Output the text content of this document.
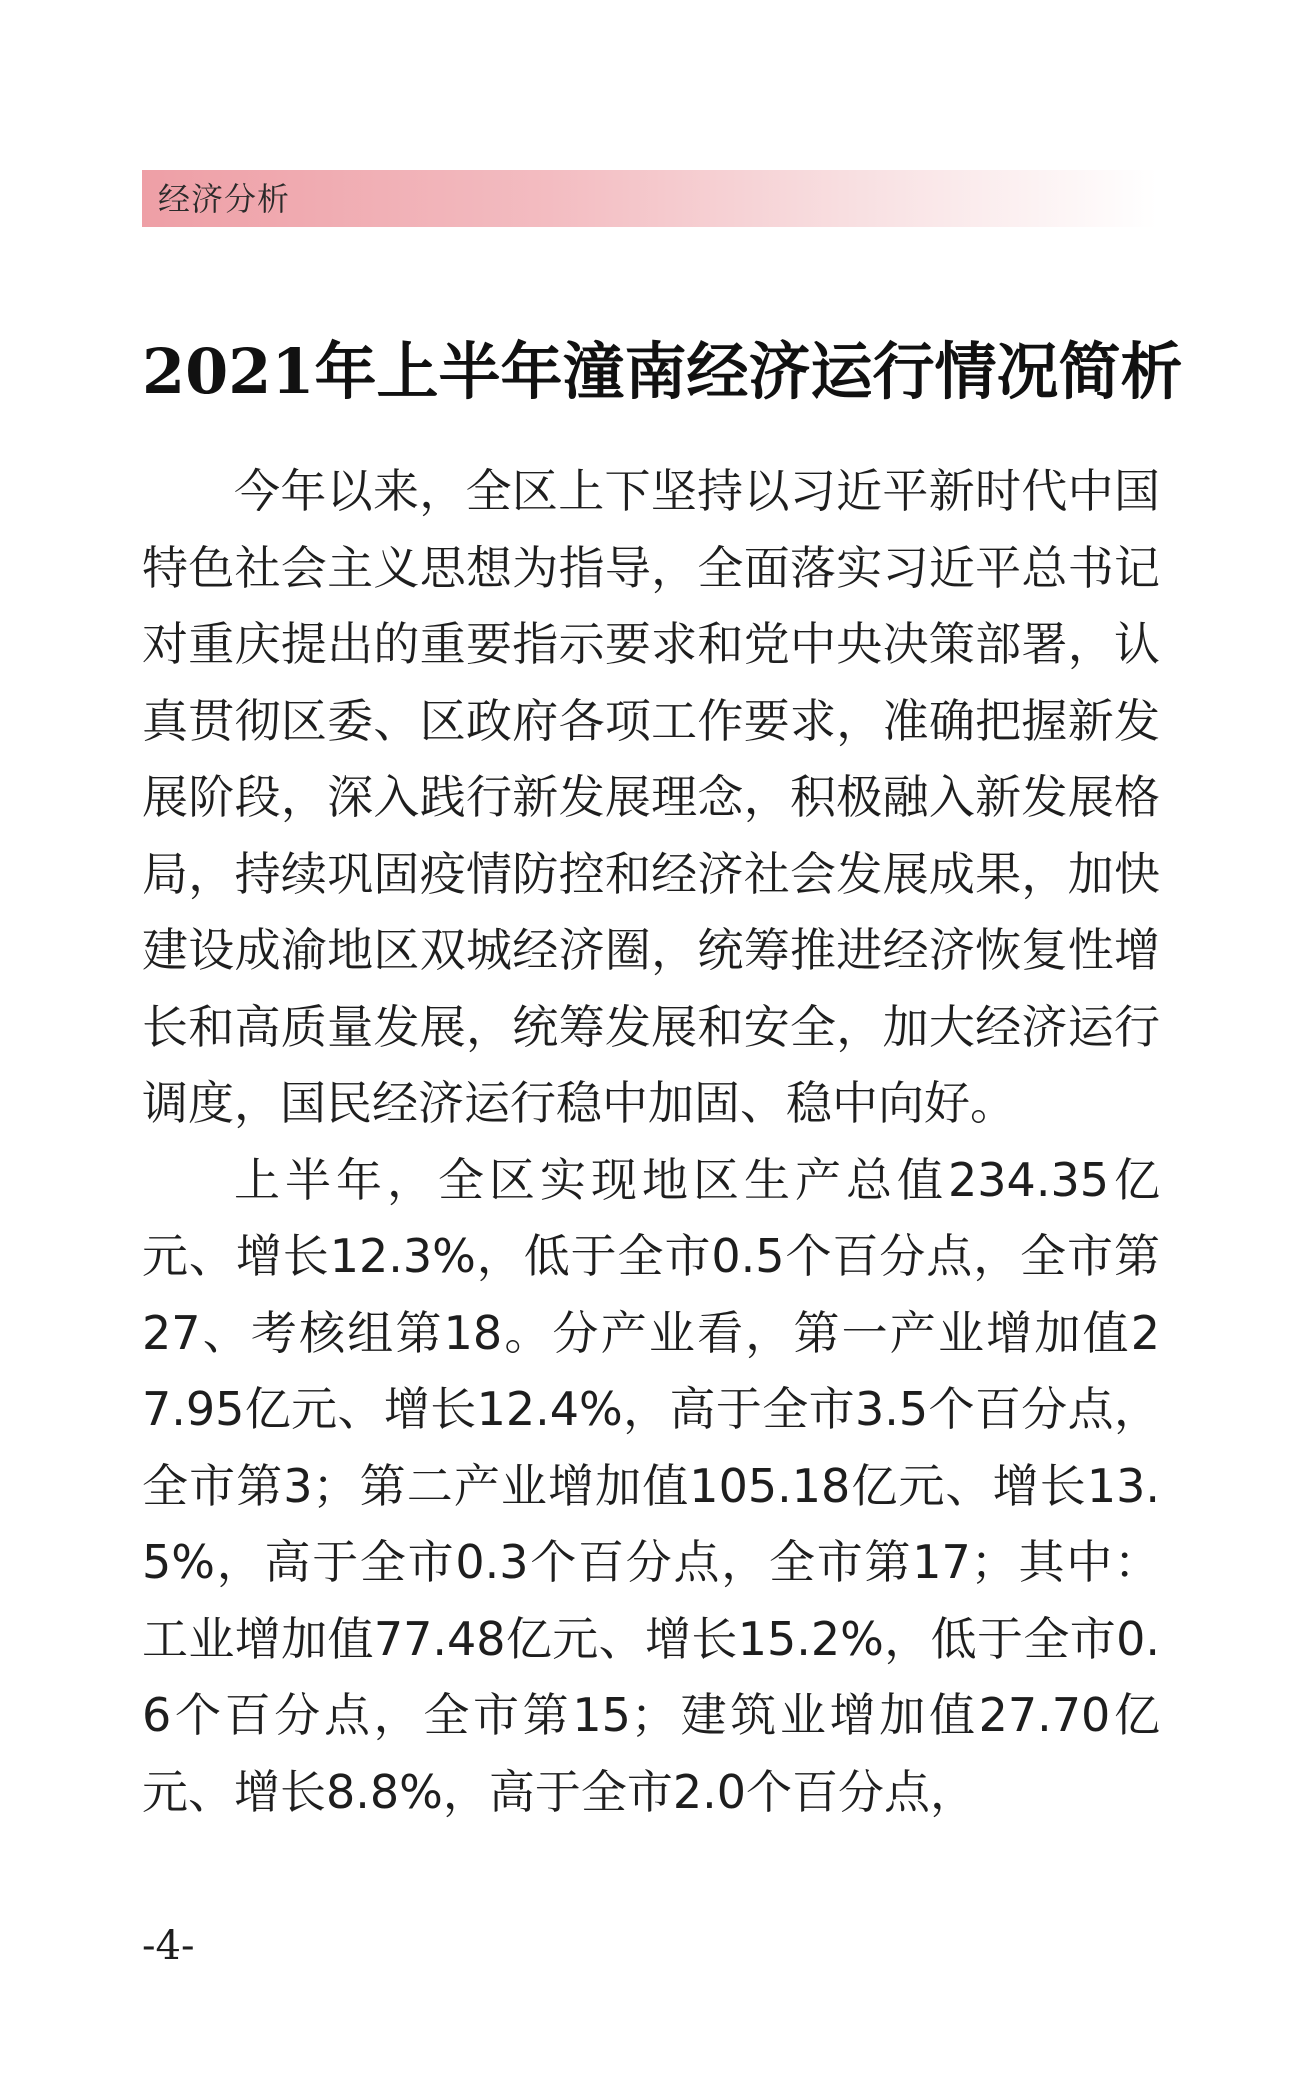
经济分析
2021年上半年潼南经济运行情况简析

今年以来，全区上下坚持以习近平新时代中国特色社会主义思想为指导，全面落实习近平总书记对重庆提出的重要指示要求和党中央决策部署，认真贯彻区委、区政府各项工作要求，准确把握新发展阶段，深入践行新发展理念，积极融入新发展格局，持续巩固疫情防控和经济社会发展成果，加快建设成渝地区双城经济圈，统筹推进经济恢复性增长和高质量发展，统筹发展和安全，加大经济运行调度，国民经济运行稳中加固、稳中向好。

上半年，全区实现地区生产总值234.35亿元、增长12.3%，低于全市0.5个百分点，全市第27、考核组第18。分产业看，第一产业增加值27.95亿元、增长12.4%，高于全市3.5个百分点，全市第3；第二产业增加值105.18亿元、增长13.5%，高于全市0.3个百分点，全市第17；其中：工业增加值77.48亿元、增长15.2%，低于全市0.6个百分点，全市第15；建筑业增加值27.70亿元、增长8.8%，高于全市2.0个百分点，

-4-
